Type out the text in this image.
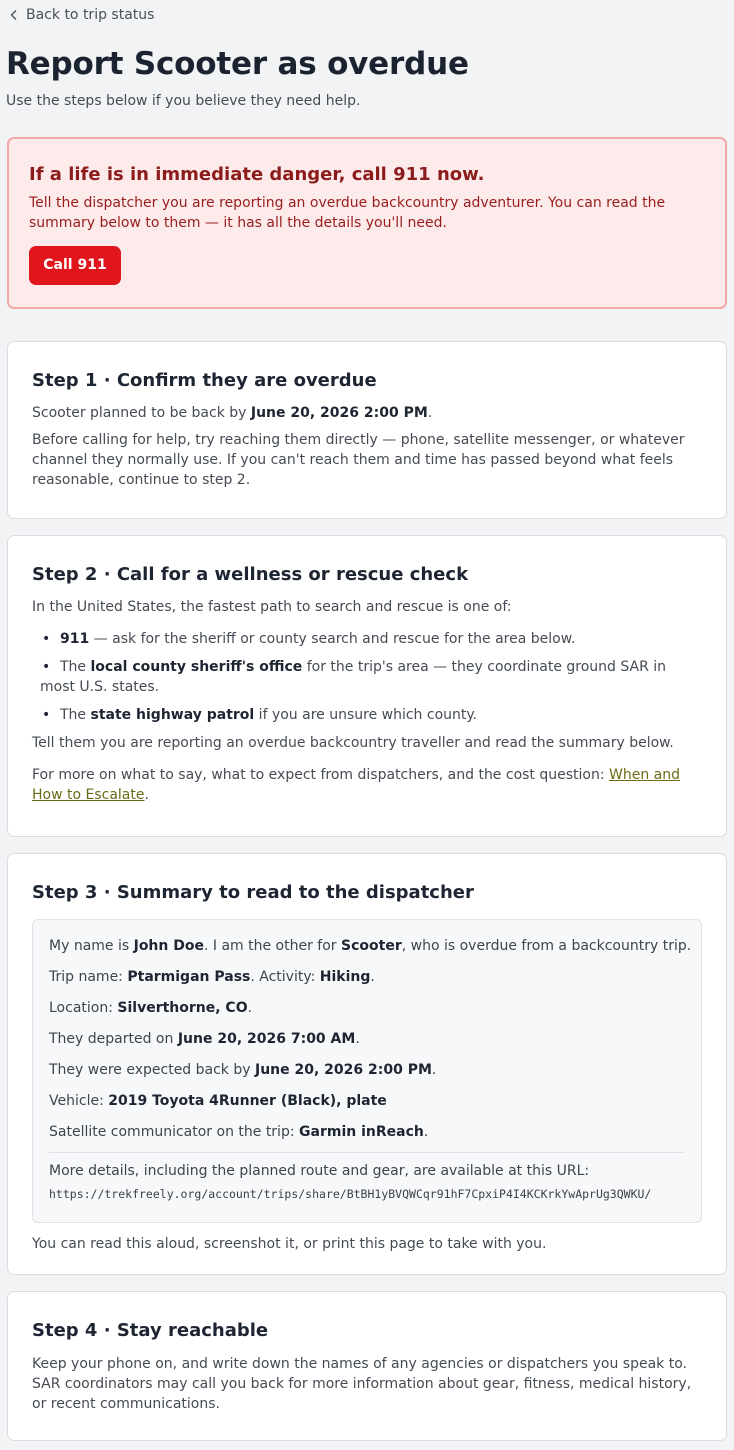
Back to trip status
Report Scooter as overdue

Use the steps below if you believe they need help.

If a life is in immediate danger, call 911 now.
Tell the dispatcher you are reporting an overdue backcountry adventurer. You can read the summary below to them — it has all the details you'll need.
Call 911
Step 1 · Confirm they are overdue

Scooter planned to be back by June 20, 2026 2:00 PM.

Before calling for help, try reaching them directly — phone, satellite messenger, or whatever channel they normally use. If you can't reach them and time has passed beyond what feels reasonable, continue to step 2.

Step 2 · Call for a wellness or rescue check

In the United States, the fastest path to search and rescue is one of:

• 911 — ask for the sheriff or county search and rescue for the area below.
• The local county sheriff's office for the trip's area — they coordinate ground SAR in most U.S. states.
• The state highway patrol if you are unsure which county.

Tell them you are reporting an overdue backcountry traveller and read the summary below.

For more on what to say, what to expect from dispatchers, and the cost question: When and How to Escalate.

Step 3 · Summary to read to the dispatcher
My name is John Doe. I am the other for Scooter, who is overdue from a backcountry trip.
Trip name: Ptarmigan Pass. Activity: Hiking.
Location: Silverthorne, CO.
They departed on June 20, 2026 7:00 AM.
They were expected back by June 20, 2026 2:00 PM.
Vehicle: 2019 Toyota 4Runner (Black), plate
Satellite communicator on the trip: Garmin inReach.
More details, including the planned route and gear, are available at this URL:
https://trekfreely.org/account/trips/share/BtBH1yBVQWCqr91hF7CpxiP4I4KCKrkYwAprUg3QWKU/

You can read this aloud, screenshot it, or print this page to take with you.

Step 4 · Stay reachable

Keep your phone on, and write down the names of any agencies or dispatchers you speak to. SAR coordinators may call you back for more information about gear, fitness, medical history, or recent communications.
